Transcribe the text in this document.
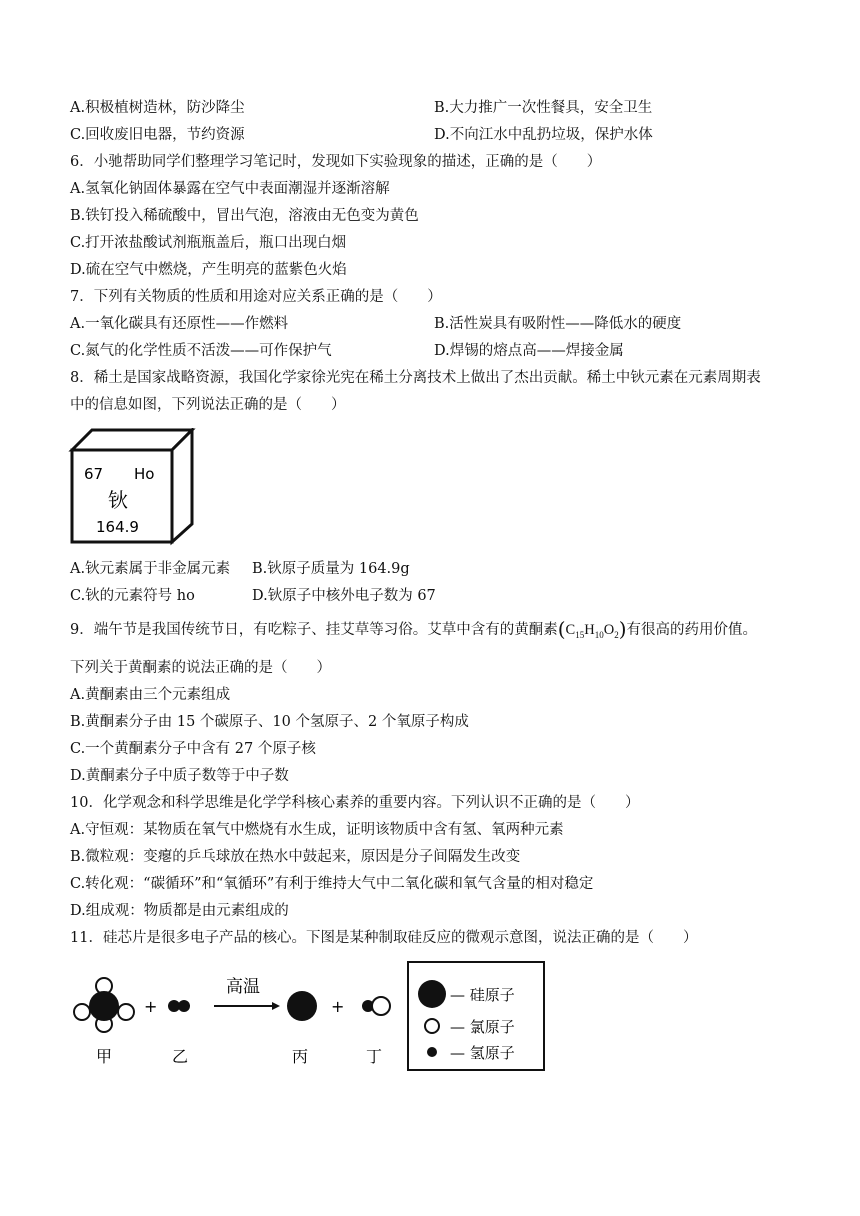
A.积极植树造林，防沙降尘	B.大力推广一次性餐具，安全卫生
C.回收废旧电器，节约资源	D.不向江水中乱扔垃圾，保护水体
6．小驰帮助同学们整理学习笔记时，发现如下实验现象的描述，正确的是（　　）
A.氢氧化钠固体暴露在空气中表面潮湿并逐渐溶解
B.铁钉投入稀硫酸中，冒出气泡，溶液由无色变为黄色
C.打开浓盐酸试剂瓶瓶盖后，瓶口出现白烟
D.硫在空气中燃烧，产生明亮的蓝紫色火焰
7．下列有关物质的性质和用途对应关系正确的是（　　）
A.一氧化碳具有还原性——作燃料	B.活性炭具有吸附性——降低水的硬度
C.氮气的化学性质不活泼——可作保护气	D.焊锡的熔点高——焊接金属
8．稀土是国家战略资源，我国化学家徐光宪在稀土分离技术上做出了杰出贡献。稀土中钬元素在元素周期表
中的信息如图，下列说法正确的是（　　）
67 Ho
钬
164.9
A.钬元素属于非金属元素 B.钬原子质量为 164.9g
C.钬的元素符号 ho	D.钬原子中核外电子数为 67
9．端午节是我国传统节日，有吃粽子、挂艾草等习俗。艾草中含有的黄酮素$(C_{15}H_{10}O_2)$有很高的药用价值。
下列关于黄酮素的说法正确的是（　　）
A.黄酮素由三个元素组成
B.黄酮素分子由 15 个碳原子、10 个氢原子、2 个氧原子构成
C.一个黄酮素分子中含有 27 个原子核
D.黄酮素分子中质子数等于中子数
10．化学观念和科学思维是化学学科核心素养的重要内容。下列认识不正确的是（　　）
A.守恒观：某物质在氧气中燃烧有水生成，证明该物质中含有氢、氧两种元素
B.微粒观：变瘪的乒乓球放在热水中鼓起来，原因是分子间隔发生改变
C.转化观：“碳循环”和“氧循环”有利于维持大气中二氧化碳和氧气含量的相对稳定
D.组成观：物质都是由元素组成的
11．硅芯片是很多电子产品的核心。下图是某种制取硅反应的微观示意图，说法正确的是（　　）
+
高温
+
甲	乙	丙	丁
— 硅原子
— 氯原子
— 氢原子
